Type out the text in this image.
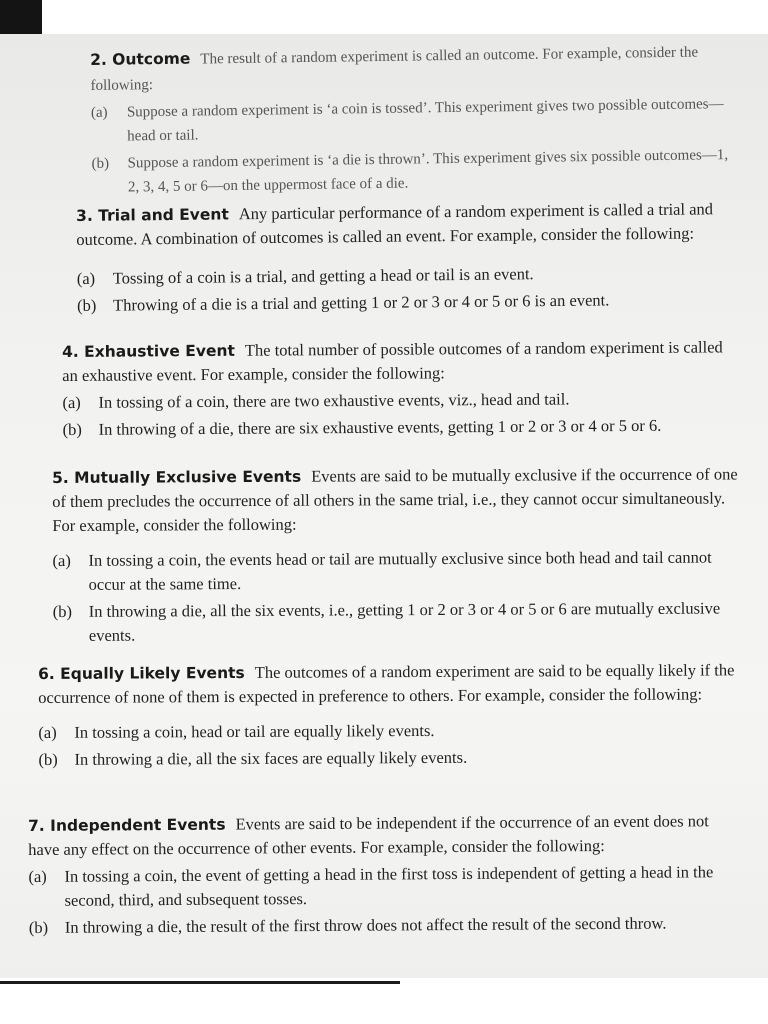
2. Outcome The result of a random experiment is called an outcome. For example, consider the following:
(a)	Suppose a random experiment is ‘a coin is tossed’. This experiment gives two possible outcomes—head or tail.
(b)	Suppose a random experiment is ‘a die is thrown’. This experiment gives six possible outcomes—1, 2, 3, 4, 5 or 6—on the uppermost face of a die.
3. Trial and Event Any particular performance of a random experiment is called a trial and outcome. A combination of outcomes is called an event. For example, consider the following:
(a)	Tossing of a coin is a trial, and getting a head or tail is an event.
(b)	Throwing of a die is a trial and getting 1 or 2 or 3 or 4 or 5 or 6 is an event.
4. Exhaustive Event The total number of possible outcomes of a random experiment is called an exhaustive event. For example, consider the following:
(a)	In tossing of a coin, there are two exhaustive events, viz., head and tail.
(b)	In throwing of a die, there are six exhaustive events, getting 1 or 2 or 3 or 4 or 5 or 6.
5. Mutually Exclusive Events Events are said to be mutually exclusive if the occurrence of one of them precludes the occurrence of all others in the same trial, i.e., they cannot occur simultaneously. For example, consider the following:
(a)	In tossing a coin, the events head or tail are mutually exclusive since both head and tail cannot occur at the same time.
(b)	In throwing a die, all the six events, i.e., getting 1 or 2 or 3 or 4 or 5 or 6 are mutually exclusive events.
6. Equally Likely Events The outcomes of a random experiment are said to be equally likely if the occurrence of none of them is expected in preference to others. For example, consider the following:
(a)	In tossing a coin, head or tail are equally likely events.
(b)	In throwing a die, all the six faces are equally likely events.
7. Independent Events Events are said to be independent if the occurrence of an event does not have any effect on the occurrence of other events. For example, consider the following:
(a)	In tossing a coin, the event of getting a head in the first toss is independent of getting a head in the second, third, and subsequent tosses.
(b)	In throwing a die, the result of the first throw does not affect the result of the second throw.
